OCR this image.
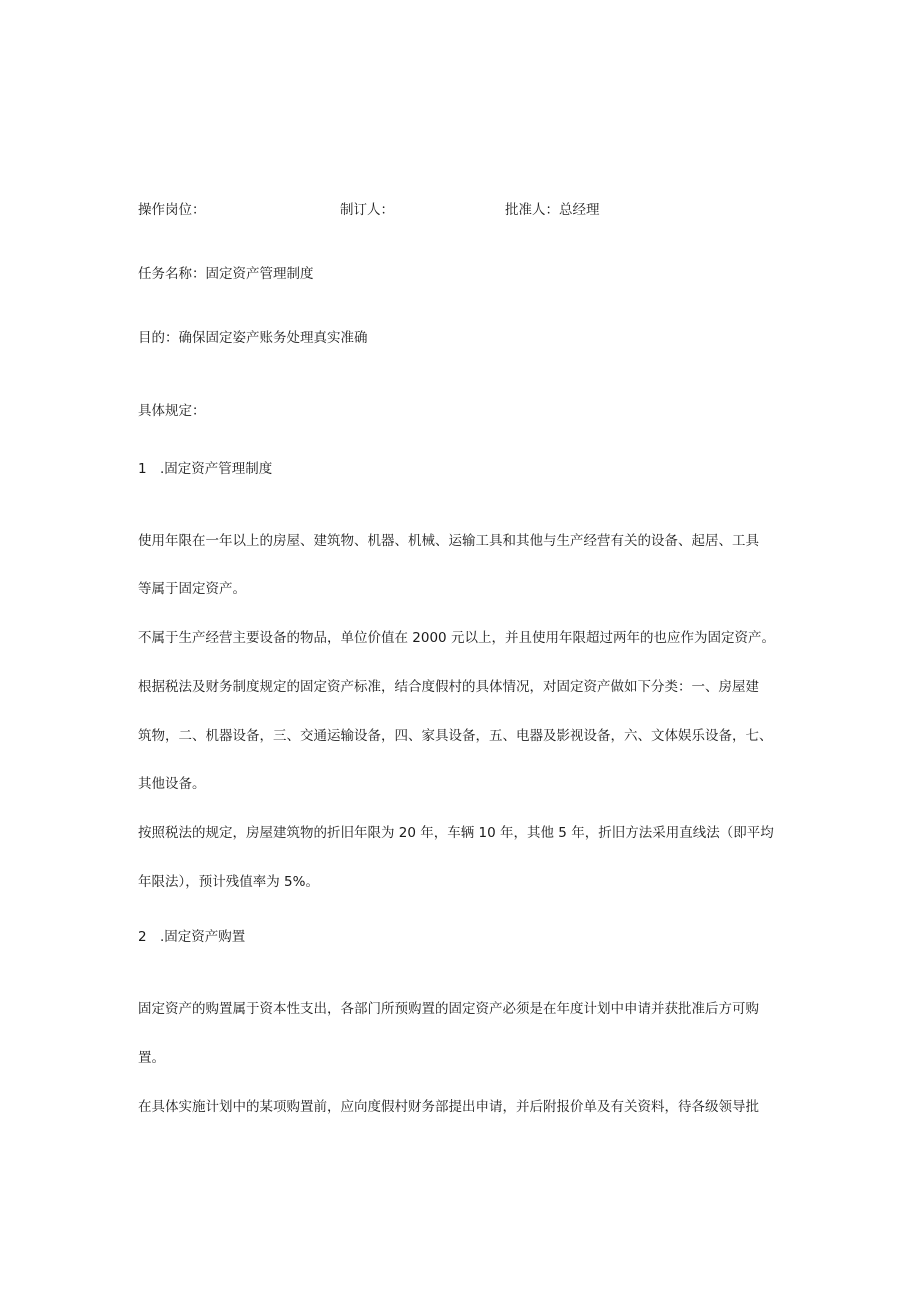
操作岗位：	制订人：	批准人：总经理
任务名称：固定资产管理制度
目的：确保固定姿产账务处理真实准确
具体规定：
1 .固定资产管理制度
使用年限在一年以上的房屋、建筑物、机器、机械、运输工具和其他与生产经营有关的设备、起居、工具
等属于固定资产。
不属于生产经营主要设备的物品，单位价值在 2000 元以上，并且使用年限超过两年的也应作为固定资产。
根据税法及财务制度规定的固定资产标准，结合度假村的具体情况，对固定资产做如下分类：一、房屋建
筑物，二、机器设备，三、交通运输设备，四、家具设备，五、电器及影视设备，六、文体娱乐设备，七、
其他设备。
按照税法的规定，房屋建筑物的折旧年限为 20 年，车辆 10 年，其他 5 年，折旧方法采用直线法（即平均
年限法），预计残值率为 5%。
2 .固定资产购置
固定资产的购置属于资本性支出，各部门所预购置的固定资产必须是在年度计划中申请并获批准后方可购
置。
在具体实施计划中的某项购置前，应向度假村财务部提出申请，并后附报价单及有关资料，待各级领导批
